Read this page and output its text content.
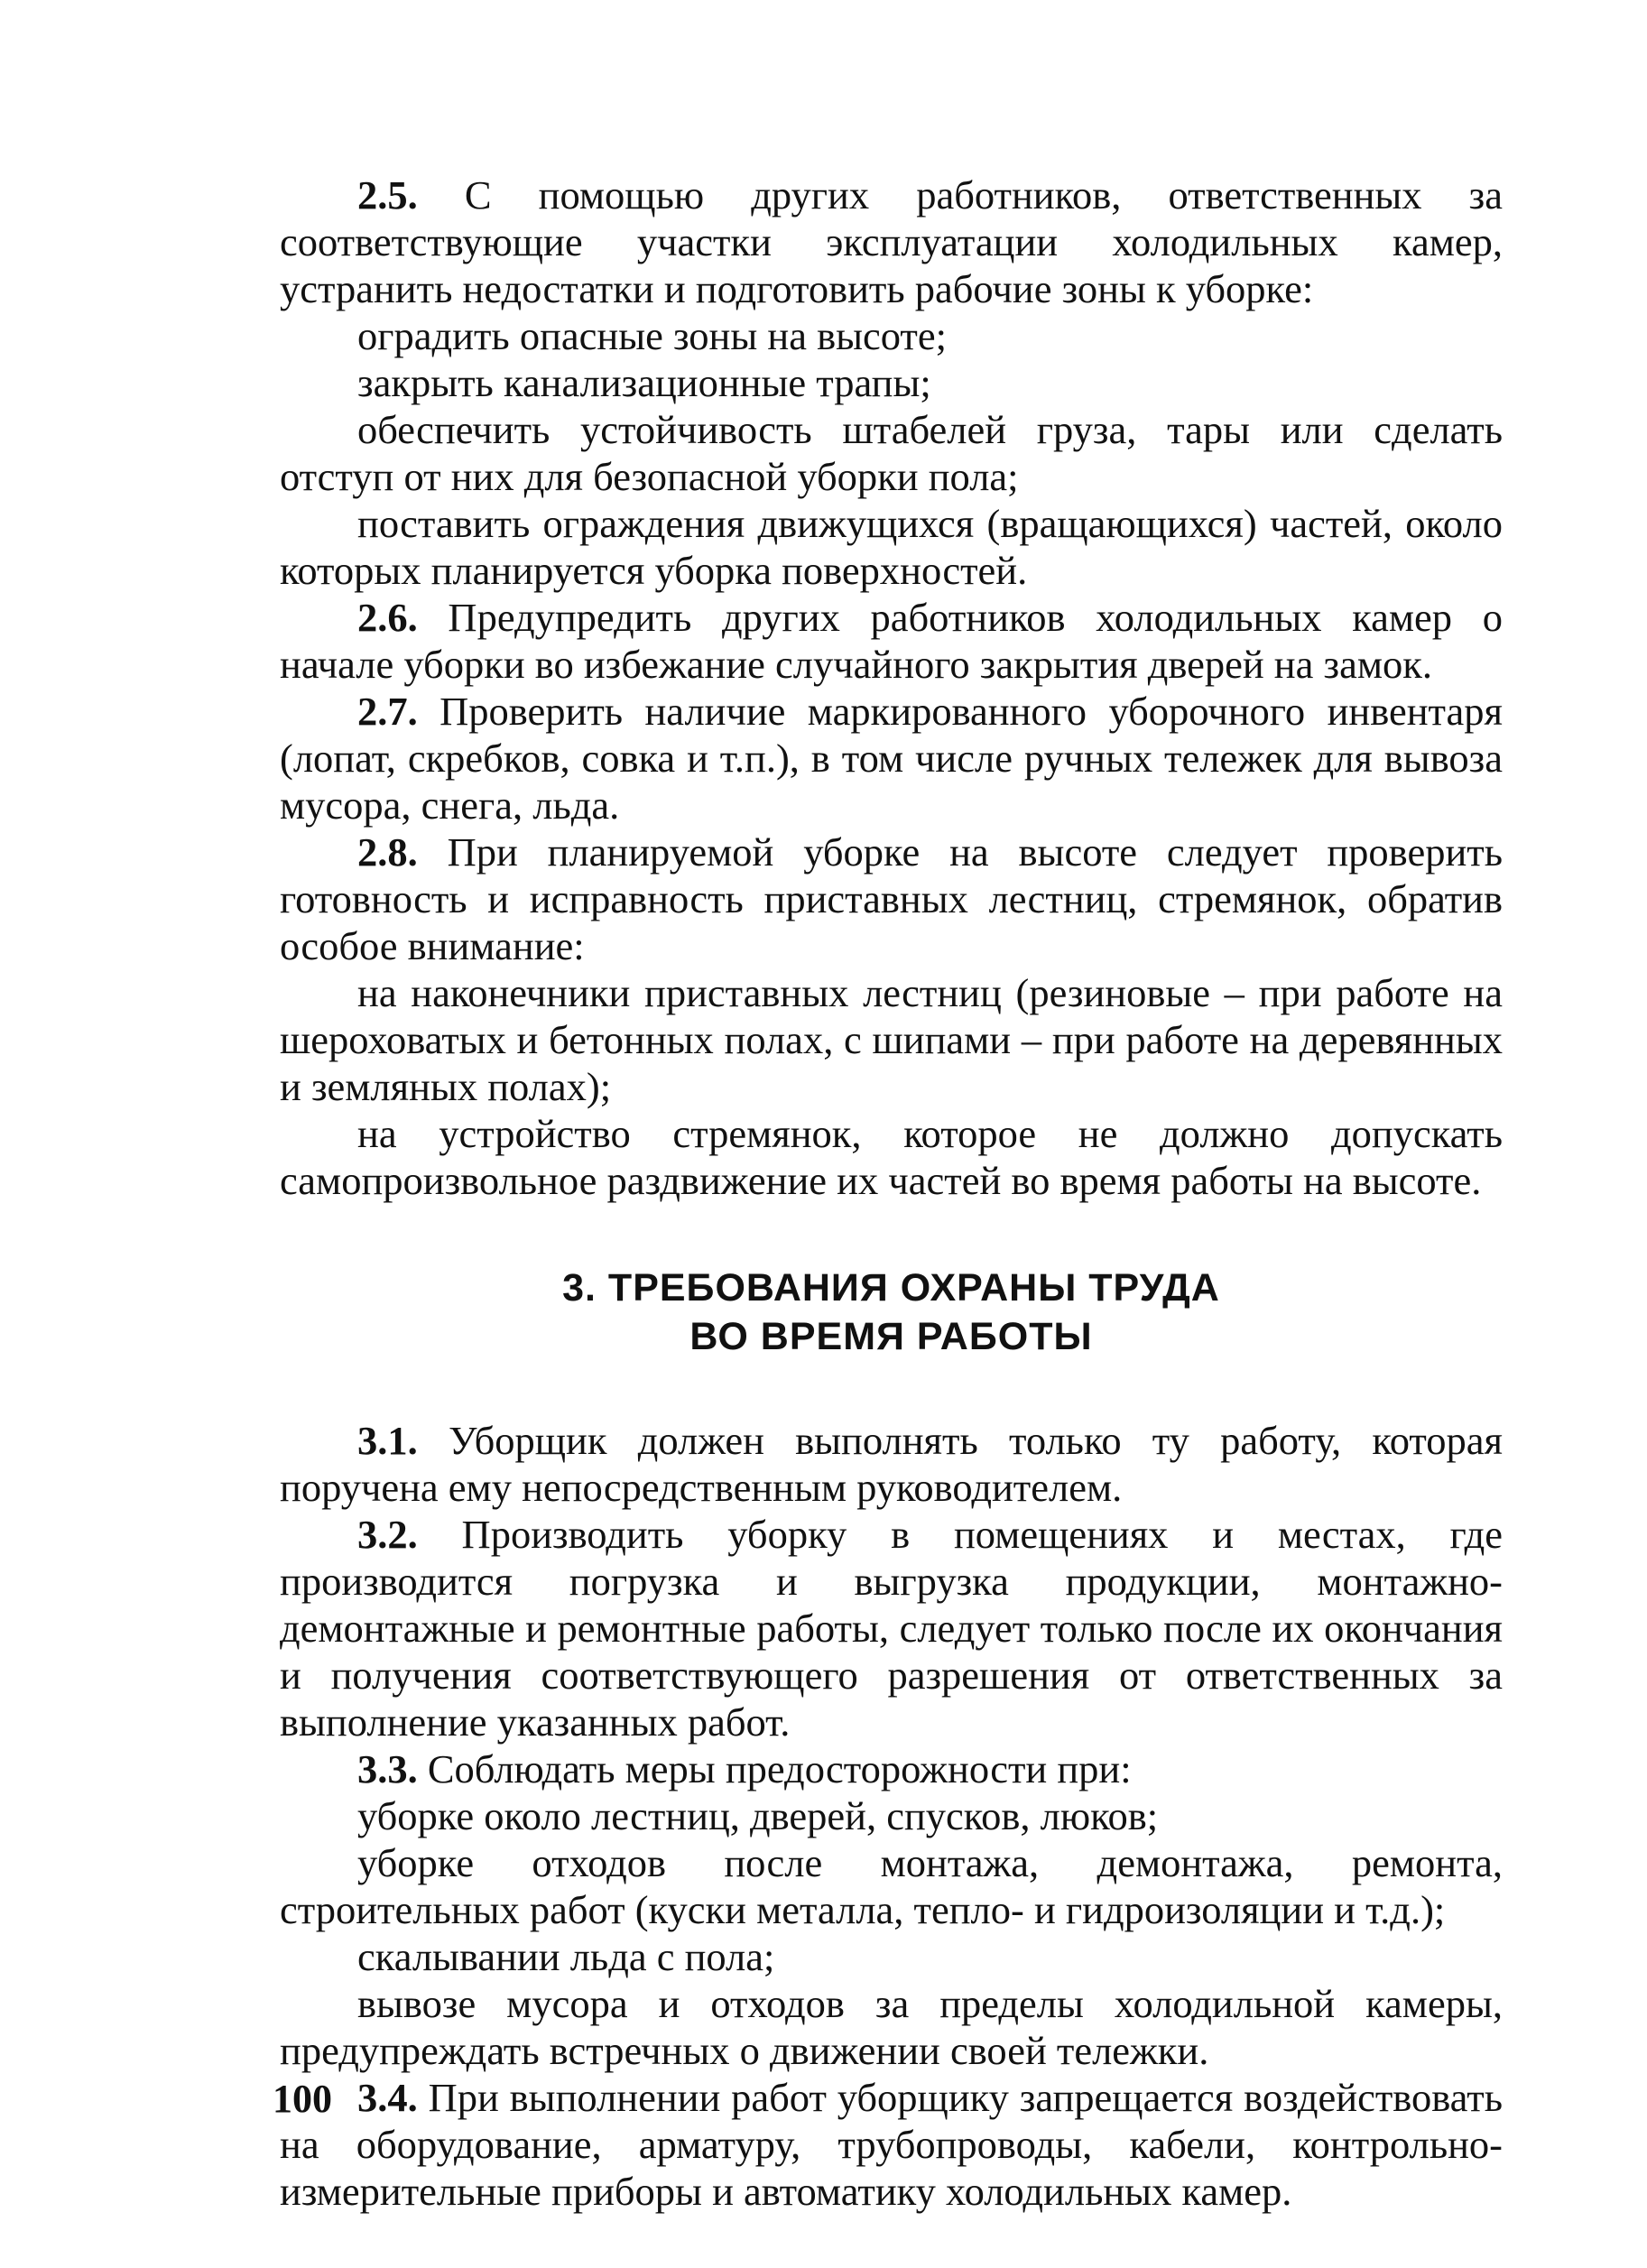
2.5. С помощью других работников, ответственных за соответствующие участки эксплуатации холодильных камер, устранить недостатки и подготовить рабочие зоны к уборке:

оградить опасные зоны на высоте;

закрыть канализационные трапы;

обеспечить устойчивость штабелей груза, тары или сделать отступ от них для безопасной уборки пола;

поставить ограждения движущихся (вращающихся) частей, около которых планируется уборка поверхностей.

2.6. Предупредить других работников холодильных камер о начале уборки во избежание случайного закрытия дверей на замок.

2.7. Проверить наличие маркированного уборочного инвентаря (лопат, скребков, совка и т.п.), в том числе ручных тележек для вывоза мусора, снега, льда.

2.8. При планируемой уборке на высоте следует проверить готовность и исправность приставных лестниц, стремянок, обратив особое внимание:

на наконечники приставных лестниц (резиновые – при работе на шероховатых и бетонных полах, с шипами – при работе на деревянных и земляных полах);

на устройство стремянок, которое не должно допускать самопроизвольное раздвижение их частей во время работы на высоте.

3. ТРЕБОВАНИЯ ОХРАНЫ ТРУДА
ВО ВРЕМЯ РАБОТЫ

3.1. Уборщик должен выполнять только ту работу, которая поручена ему непосредственным руководителем.

3.2. Производить уборку в помещениях и местах, где производится погрузка и выгрузка продукции, монтажно-демонтажные и ремонтные работы, следует только после их окончания и получения соответствующего разрешения от ответственных за выполнение указанных работ.

3.3. Соблюдать меры предосторожности при:

уборке около лестниц, дверей, спусков, люков;

уборке отходов после монтажа, демонтажа, ремонта, строительных работ (куски металла, тепло- и гидроизоляции и т.д.);

скалывании льда с пола;

вывозе мусора и отходов за пределы холодильной камеры, предупреждать встречных о движении своей тележки.

3.4. При выполнении работ уборщику запрещается воздействовать на оборудование, арматуру, трубопроводы, кабели, контрольно-измерительные приборы и автоматику холодильных камер.

100
